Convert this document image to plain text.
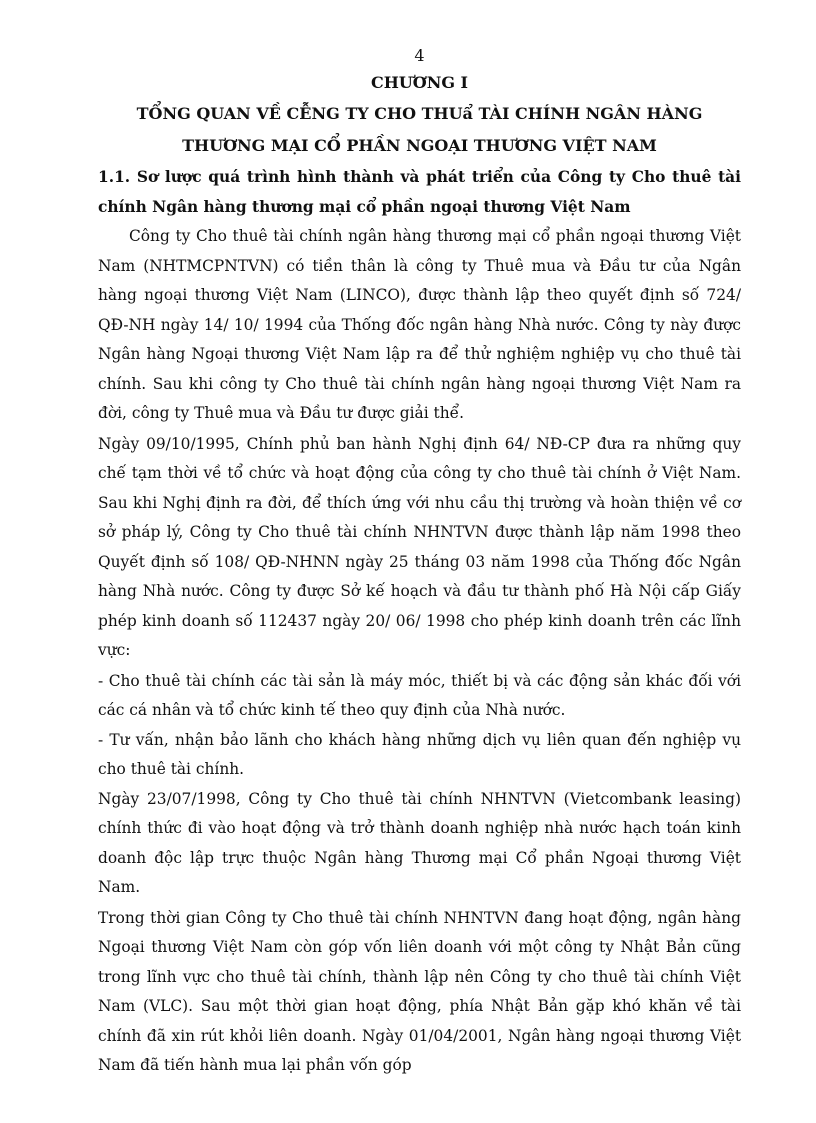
4
CHƯƠNG I
TỔNG QUAN VỀ CỄNG TY CHO THUẩ TÀI CHÍNH NGÂN HÀNG
THƯƠNG MẠI CỔ PHẦN NGOẠI THƯƠNG VIỆT NAM
1.1. Sơ lược quá trình hình thành và phát triển của Công ty Cho thuê tài chính Ngân hàng thương mại cổ phần ngoại thương Việt Nam

Công ty Cho thuê tài chính ngân hàng thương mại cổ phần ngoại thương Việt Nam (NHTMCPNTVN) có tiền thân là công ty Thuê mua và Đầu tư của Ngân hàng ngoại thương Việt Nam (LINCO), được thành lập theo quyết định số 724/ QĐ-NH ngày 14/ 10/ 1994 của Thống đốc ngân hàng Nhà nước. Công ty này được Ngân hàng Ngoại thương Việt Nam lập ra để thử nghiệm nghiệp vụ cho thuê tài chính. Sau khi công ty Cho thuê tài chính ngân hàng ngoại thương Việt Nam ra đời, công ty Thuê mua và Đầu tư được giải thể.

Ngày 09/10/1995, Chính phủ ban hành Nghị định 64/ NĐ-CP đưa ra những quy chế tạm thời về tổ chức và hoạt động của công ty cho thuê tài chính ở Việt Nam. Sau khi Nghị định ra đời, để thích ứng với nhu cầu thị trường và hoàn thiện về cơ sở pháp lý, Công ty Cho thuê tài chính NHNTVN được thành lập năm 1998 theo Quyết định số 108/ QĐ-NHNN ngày 25 tháng 03 năm 1998 của Thống đốc Ngân hàng Nhà nước. Công ty được Sở kế hoạch và đầu tư thành phố Hà Nội cấp Giấy phép kinh doanh số 112437 ngày 20/ 06/ 1998 cho phép kinh doanh trên các lĩnh vực:

- Cho thuê tài chính các tài sản là máy móc, thiết bị và các động sản khác đối với các cá nhân và tổ chức kinh tế theo quy định của Nhà nước.

- Tư vấn, nhận bảo lãnh cho khách hàng những dịch vụ liên quan đến nghiệp vụ cho thuê tài chính.

Ngày 23/07/1998, Công ty Cho thuê tài chính NHNTVN (Vietcombank leasing) chính thức đi vào hoạt động và trở thành doanh nghiệp nhà nước hạch toán kinh doanh độc lập trực thuộc Ngân hàng Thương mại Cổ phần Ngoại thương Việt Nam.

Trong thời gian Công ty Cho thuê tài chính NHNTVN đang hoạt động, ngân hàng Ngoại thương Việt Nam còn góp vốn liên doanh với một công ty Nhật Bản cũng trong lĩnh vực cho thuê tài chính, thành lập nên Công ty cho thuê tài chính Việt Nam (VLC). Sau một thời gian hoạt động, phía Nhật Bản gặp khó khăn về tài chính đã xin rút khỏi liên doanh. Ngày 01/04/2001, Ngân hàng ngoại thương Việt Nam đã tiến hành mua lại phần vốn góp
